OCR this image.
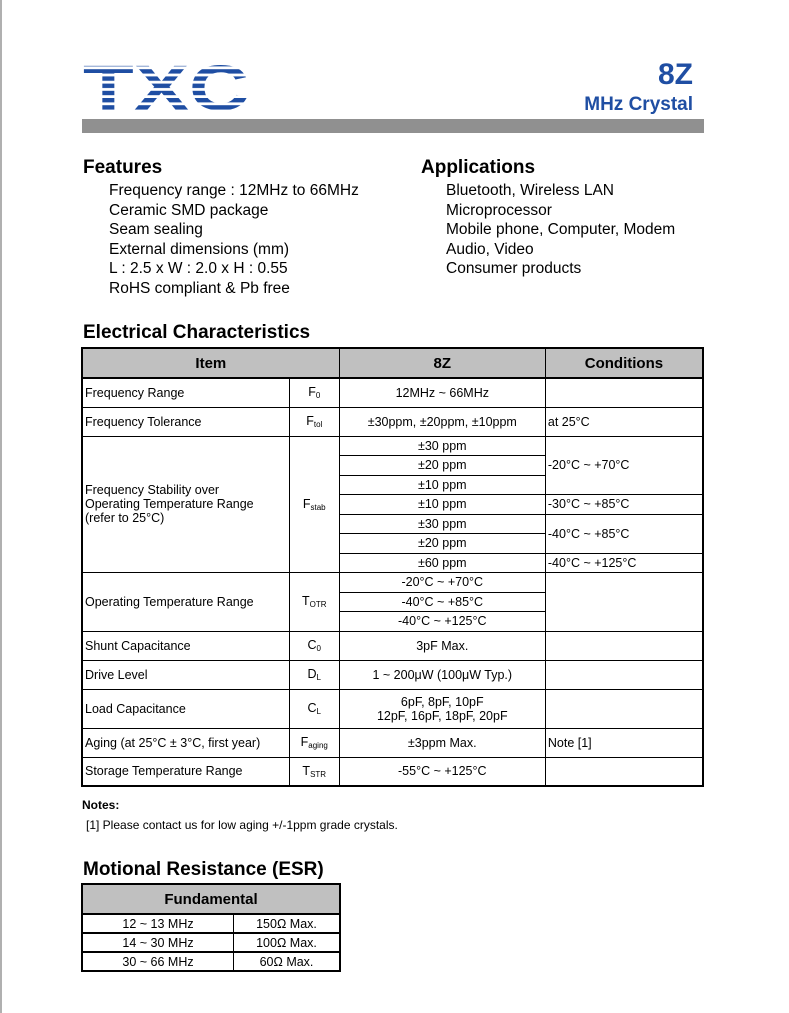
8Z
MHz Crystal
Features
Frequency range : 12MHz to 66MHz
Ceramic SMD package
Seam sealing
External dimensions (mm)
L : 2.5 x W : 2.0 x H : 0.55
RoHS compliant & Pb free
Applications
Bluetooth, Wireless LAN
Microprocessor
Mobile phone, Computer, Modem
Audio, Video
Consumer products
Electrical Characteristics
Item		8Z	Conditions
Frequency Range	$F_0$	12MHz ~ 66MHz	
Frequency Tolerance	$F_{tol}$	±30ppm, ±20ppm, ±10ppm	at 25°C

Frequency Stability over
Operating Temperature Range
(refer to 25°C)	$F_{stab}$	±30 ppm	-20°C ~ +70°C
		±20 ppm	
		±10 ppm	
		±10 ppm	-30°C ~ +85°C
		±30 ppm	-40°C ~ +85°C
		±20 ppm	
		±60 ppm	-40°C ~ +125°C
Operating Temperature Range	$T_{OTR}$	-20°C ~ +70°C	
		-40°C ~ +85°C	
		-40°C ~ +125°C	
Shunt Capacitance	$C_0$	3pF Max.	
Drive Level	$D_L$	1 ~ 200μW (100μW Typ.)	
Load Capacitance	$C_L$	6pF, 8pF, 10pF
12pF, 16pF, 18pF, 20pF	

Aging (at 25°C ± 3°C, first year)	$F_{aging}$	±3ppm Max.	Note [1]
Storage Temperature Range	$T_{STR}$	-55°C ~ +125°C	
Notes:
[1] Please contact us for low aging +/-1ppm grade crystals.
Motional Resistance (ESR)
Fundamental	
12 ~ 13 MHz	150Ω Max.
14 ~ 30 MHz	100Ω Max.
30 ~ 66 MHz	60Ω Max.
